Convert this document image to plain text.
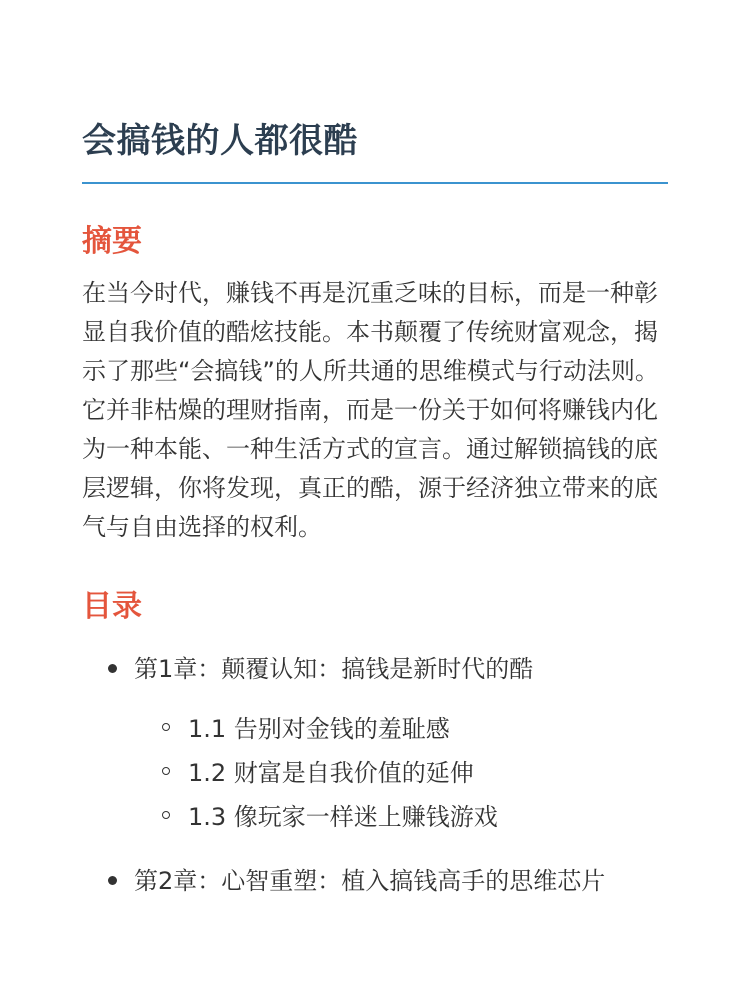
会搞钱的人都很酷
摘要

在当今时代，赚钱不再是沉重乏味的目标，而是一种彰显自我价值的酷炫技能。本书颠覆了传统财富观念，揭示了那些“会搞钱”的人所共通的思维模式与行动法则。它并非枯燥的理财指南，而是一份关于如何将赚钱内化为一种本能、一种生活方式的宣言。通过解锁搞钱的底层逻辑，你将发现，真正的酷，源于经济独立带来的底气与自由选择的权利。

目录
第1章：颠覆认知：搞钱是新时代的酷
1.1 告别对金钱的羞耻感
1.2 财富是自我价值的延伸
1.3 像玩家一样迷上赚钱游戏
第2章：心智重塑：植入搞钱高手的思维芯片
